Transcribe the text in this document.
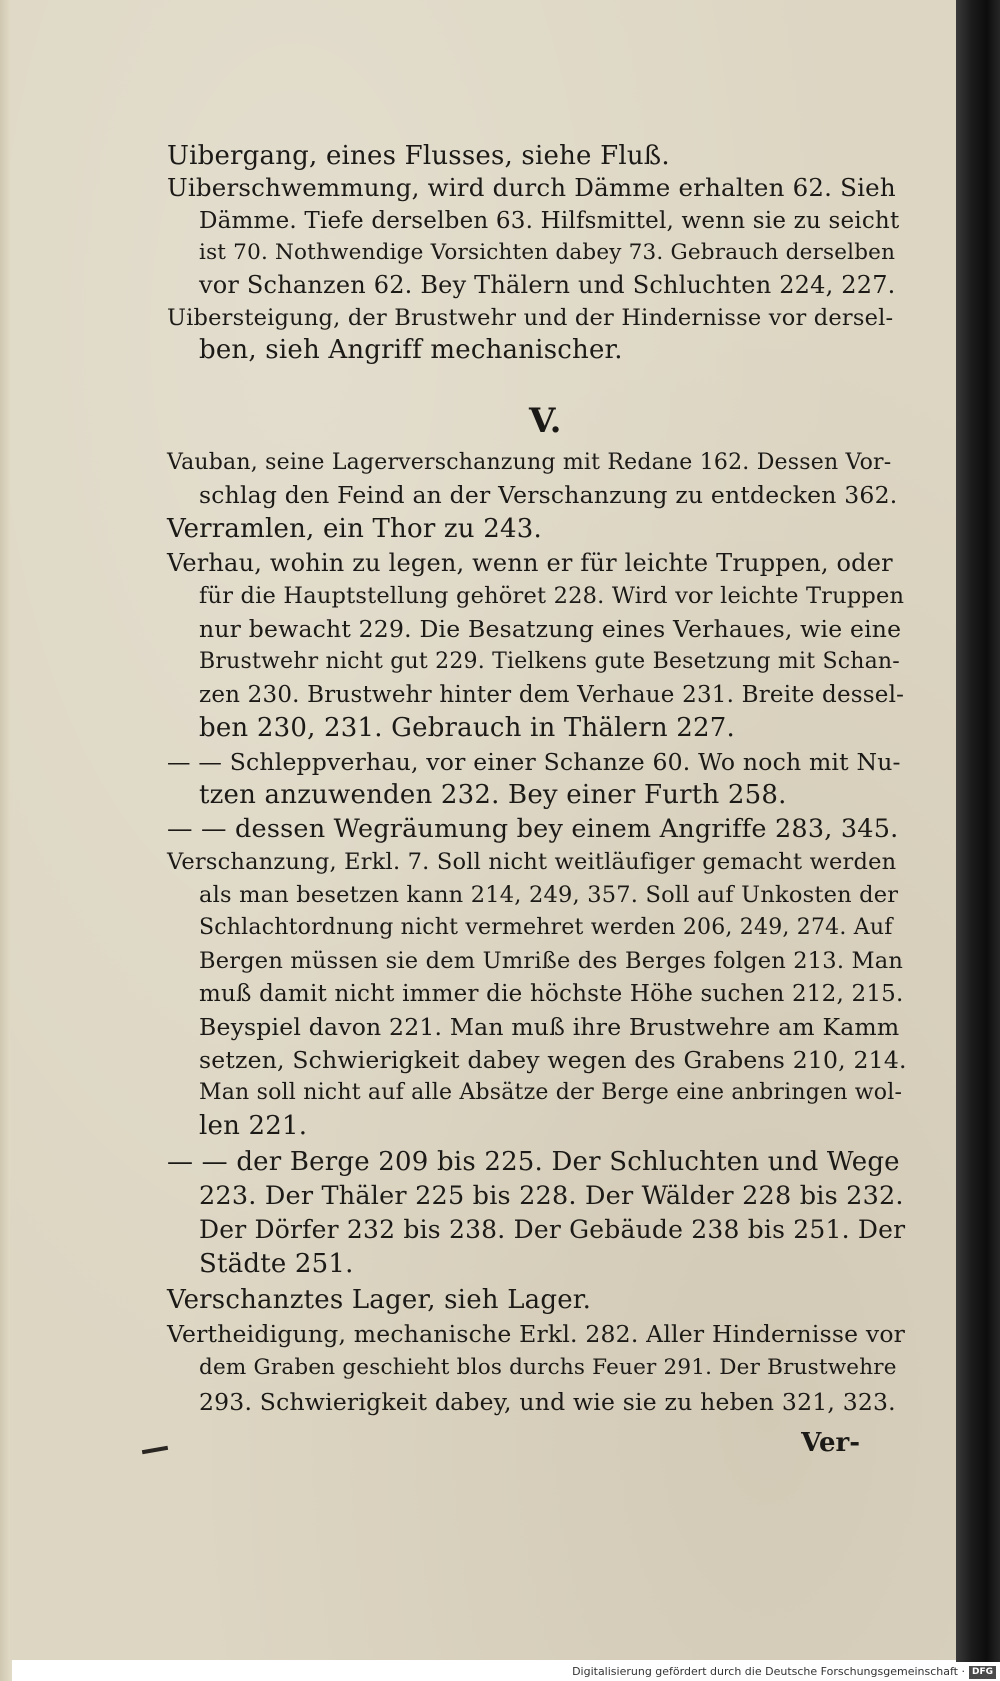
Uibergang, eines Flusses, siehe Fluß.
Uiberschwemmung, wird durch Dämme erhalten 62. Sieh
Dämme. Tiefe derselben 63. Hilfsmittel, wenn sie zu seicht
ist 70. Nothwendige Vorsichten dabey 73. Gebrauch derselben
vor Schanzen 62. Bey Thälern und Schluchten 224, 227.
Uibersteigung, der Brustwehr und der Hindernisse vor dersel-
ben, sieh Angriff mechanischer.
V.
Vauban, seine Lagerverschanzung mit Redane 162. Dessen Vor-
schlag den Feind an der Verschanzung zu entdecken 362.
Verramlen, ein Thor zu 243.
Verhau, wohin zu legen, wenn er für leichte Truppen, oder
für die Hauptstellung gehöret 228. Wird vor leichte Truppen
nur bewacht 229. Die Besatzung eines Verhaues, wie eine
Brustwehr nicht gut 229. Tielkens gute Besetzung mit Schan-
zen 230. Brustwehr hinter dem Verhaue 231. Breite dessel-
ben 230, 231. Gebrauch in Thälern 227.
— — Schleppverhau, vor einer Schanze 60. Wo noch mit Nu-
tzen anzuwenden 232. Bey einer Furth 258.
— — dessen Wegräumung bey einem Angriffe 283, 345.
Verschanzung, Erkl. 7. Soll nicht weitläufiger gemacht werden
als man besetzen kann 214, 249, 357. Soll auf Unkosten der
Schlachtordnung nicht vermehret werden 206, 249, 274. Auf
Bergen müssen sie dem Umriße des Berges folgen 213. Man
muß damit nicht immer die höchste Höhe suchen 212, 215.
Beyspiel davon 221. Man muß ihre Brustwehre am Kamm
setzen, Schwierigkeit dabey wegen des Grabens 210, 214.
Man soll nicht auf alle Absätze der Berge eine anbringen wol-
len 221.
— — der Berge 209 bis 225. Der Schluchten und Wege
223. Der Thäler 225 bis 228. Der Wälder 228 bis 232.
Der Dörfer 232 bis 238. Der Gebäude 238 bis 251. Der
Städte 251.
Verschanztes Lager, sieh Lager.
Vertheidigung, mechanische Erkl. 282. Aller Hindernisse vor
dem Graben geschieht blos durchs Feuer 291. Der Brustwehre
293. Schwierigkeit dabey, und wie sie zu heben 321, 323.
Ver-
Digitalisierung gefördert durch die Deutsche Forschungsgemeinschaft · DFG
